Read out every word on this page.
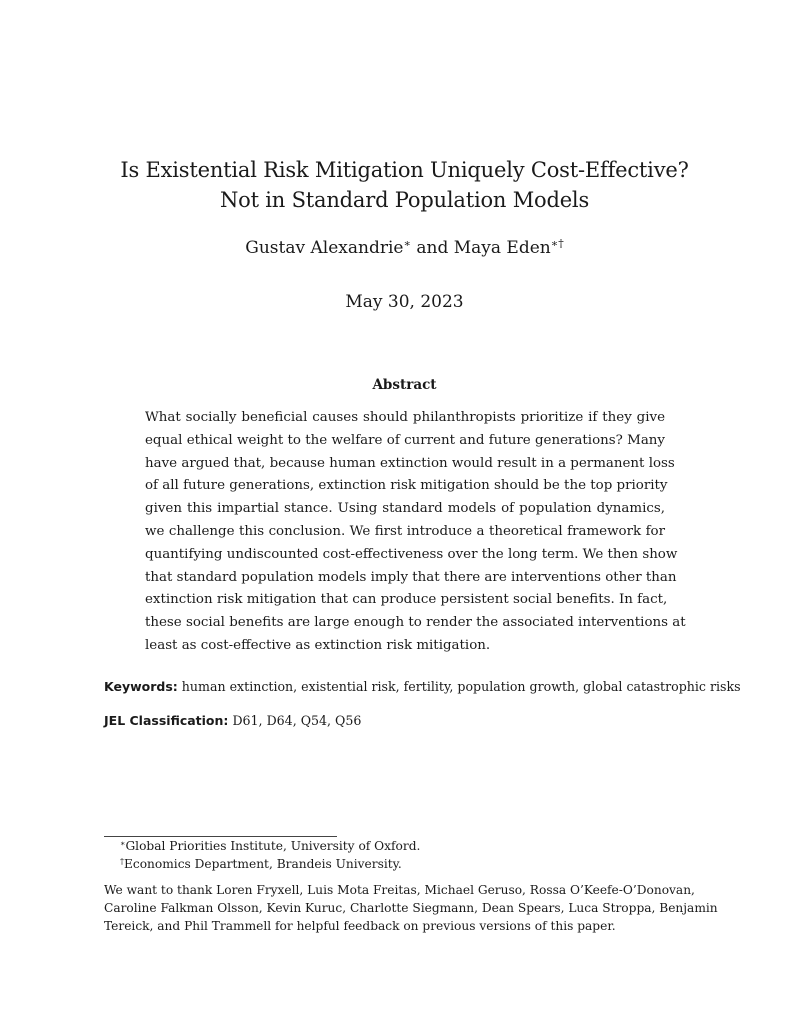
Is Existential Risk Mitigation Uniquely Cost-Effective?
Not in Standard Population Models
Gustav Alexandrie∗ and Maya Eden∗†
May 30, 2023
Abstract
What socially beneficial causes should philanthropists prioritize if they give
equal ethical weight to the welfare of current and future generations? Many
have argued that, because human extinction would result in a permanent loss
of all future generations, extinction risk mitigation should be the top priority
given this impartial stance. Using standard models of population dynamics,
we challenge this conclusion. We first introduce a theoretical framework for
quantifying undiscounted cost-effectiveness over the long term. We then show
that standard population models imply that there are interventions other than
extinction risk mitigation that can produce persistent social benefits. In fact,
these social benefits are large enough to render the associated interventions at
least as cost-effective as extinction risk mitigation.
Keywords: human extinction, existential risk, fertility, population growth, global catastrophic risks
JEL Classification: D61, D64, Q54, Q56
∗Global Priorities Institute, University of Oxford.
†Economics Department, Brandeis University.
We want to thank Loren Fryxell, Luis Mota Freitas, Michael Geruso, Rossa O’Keefe-O’Donovan,
Caroline Falkman Olsson, Kevin Kuruc, Charlotte Siegmann, Dean Spears, Luca Stroppa, Benjamin
Tereick, and Phil Trammell for helpful feedback on previous versions of this paper.
